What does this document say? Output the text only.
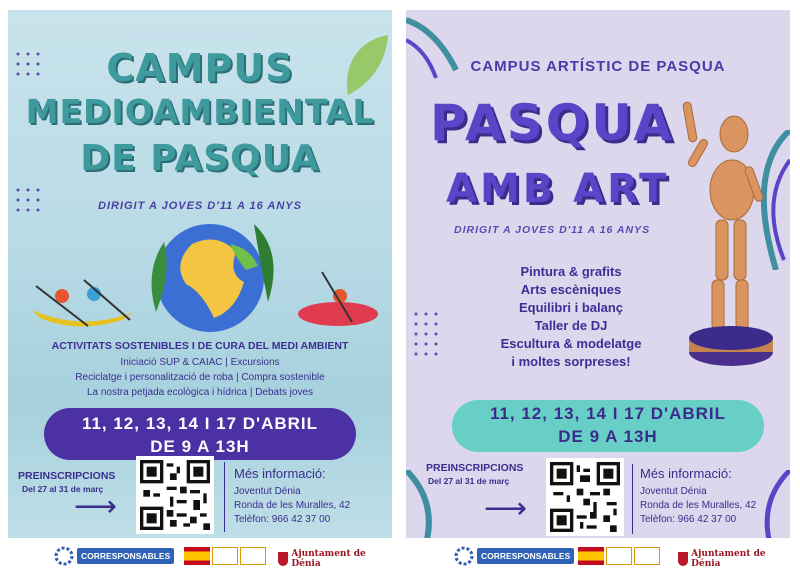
CAMPUS
MEDIOAMBIENTAL
DE PASQUA
DIRIGIT A JOVES D'11 A 16 ANYS
ACTIVITATS SOSTENIBLES I DE CURA DEL MEDI AMBIENT
Iniciació SUP & CAIAC | Excursions
Reciclatge i personalització de roba | Compra sostenible
La nostra petjada ecològica i hídrica | Debats joves
11, 12, 13, 14 I 17 D'ABRIL
DE 9 A 13H
PREINSCRIPCIONS
Del 27 al 31 de març
⟶
Més informació:
Joventut Dénia
Ronda de les Muralles, 42
Telèfon: 966 42 37 00
CORRESPONSABLES	Ajuntament de Dénia
CAMPUS ARTÍSTIC DE PASQUA
PASQUA
AMB ART
DIRIGIT A JOVES D'11 A 16 ANYS
Pintura & grafits
Arts escèniques
Equilibri i balanç
Taller de DJ
Escultura & modelatge
i moltes sorpreses!
11, 12, 13, 14 I 17 D'ABRIL
DE 9 A 13H
PREINSCRIPCIONS
Del 27 al 31 de març
⟶
Més informació:
Joventut Dénia
Ronda de les Muralles, 42
Telèfon: 966 42 37 00
CORRESPONSABLES	Ajuntament de Dénia
